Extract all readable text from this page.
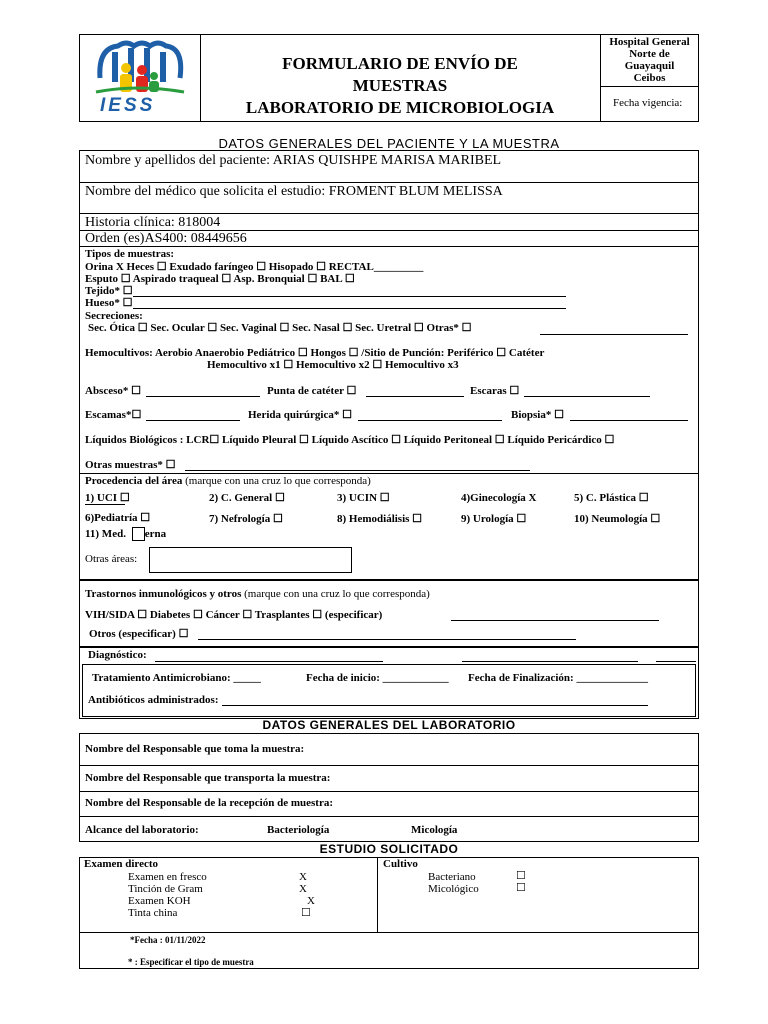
IESS
FORMULARIO DE ENVÍO DE
MUESTRAS
LABORATORIO DE MICROBIOLOGIA
Hospital General
Norte de
Guayaquil
Ceibos
Fecha vigencia:
DATOS GENERALES DEL PACIENTE Y LA MUESTRA
Nombre y apellidos del paciente: ARIAS QUISHPE MARISA MARIBEL
Nombre del médico que solicita el estudio: FROMENT BLUM MELISSA
Historia clínica: 818004
Orden (es)AS400: 08449656
Tipos de muestras:
Orina X Heces ☐ Exudado faríngeo ☐ Hisopado ☐ RECTAL_________
Esputo ☐ Aspirado traqueal ☐ Asp. Bronquial ☐ BAL ☐
Tejido* ☐
Hueso* ☐
Secreciones:
Sec. Ótica ☐ Sec. Ocular ☐ Sec. Vaginal ☐ Sec. Nasal ☐ Sec. Uretral ☐ Otras* ☐
Hemocultivos: Aerobio Anaerobio Pediátrico ☐ Hongos ☐ /Sitio de Punción: Periférico ☐ Catéter
Hemocultivo x1 ☐ Hemocultivo x2 ☐ Hemocultivo x3
Absceso* ☐	Punta de catéter ☐	Escaras ☐
Escamas*☐	Herida quirúrgica* ☐	Biopsia* ☐
Líquidos Biológicos : LCR☐ Líquido Pleural ☐ Líquido Ascítico ☐ Líquido Peritoneal ☐ Líquido Pericárdico ☐
Otras muestras* ☐
Procedencia del área (marque con una cruz lo que corresponda)
1) UCI ☐	2) C. General ☐	3) UCIN ☐	4)Ginecología X	5) C. Plástica ☐
6)Pediatría ☐	7) Nefrología ☐	8) Hemodiálisis ☐	9) Urología ☐	10) Neumología ☐
11) Med. erna
Otras áreas:
Trastornos inmunológicos y otros (marque con una cruz lo que corresponda)
VIH/SIDA ☐ Diabetes ☐ Cáncer ☐ Trasplantes ☐ (especificar)
Otros (especificar) ☐
Diagnóstico:
Tratamiento Antimicrobiano: _____	Fecha de inicio: ____________ Fecha de Finalización: _____________
Antibióticos administrados:
DATOS GENERALES DEL LABORATORIO
Nombre del Responsable que toma la muestra:
Nombre del Responsable que transporta la muestra:
Nombre del Responsable de la recepción de muestra:
Alcance del laboratorio:	Bacteriología	Micología
ESTUDIO SOLICITADO
Examen directo
Examen en fresco	X
Tinción de Gram	X
Examen KOH	X
Tinta china	☐
Cultivo
Bacteriano	☐
Micológico	☐
*Fecha : 01/11/2022
* : Especificar el tipo de muestra
